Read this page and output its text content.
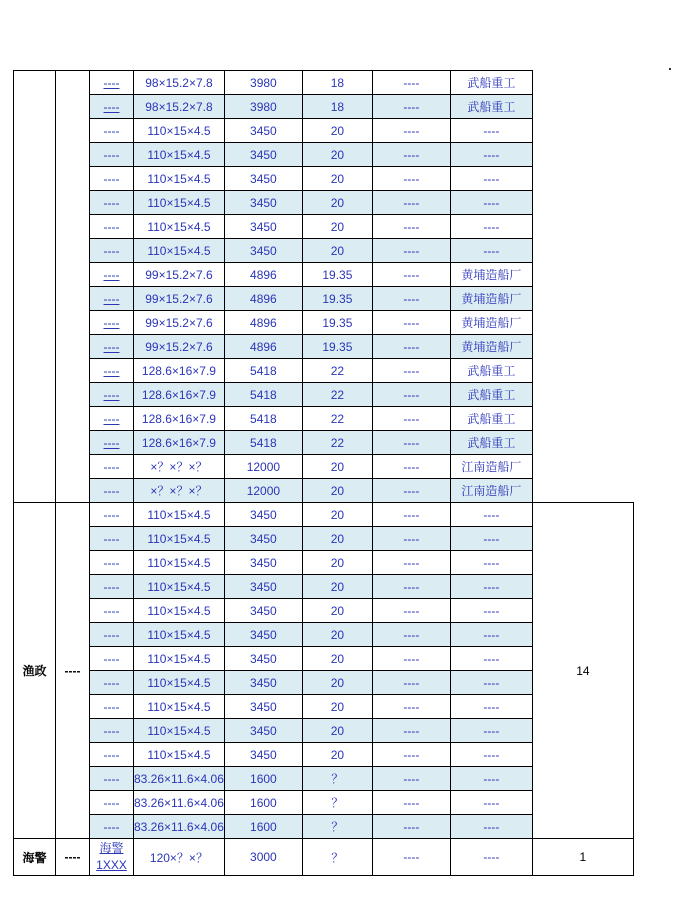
		----	98×15.2×7.8	3980	18	----	武船重工	
		----	98×15.2×7.8	3980	18	----	武船重工	
		----	110×15×4.5	3450	20	----	----	
		----	110×15×4.5	3450	20	----	----	
		----	110×15×4.5	3450	20	----	----	
		----	110×15×4.5	3450	20	----	----	
		----	110×15×4.5	3450	20	----	----	
		----	110×15×4.5	3450	20	----	----	
		----	99×15.2×7.6	4896	19.35	----	黄埔造船厂	
		----	99×15.2×7.6	4896	19.35	----	黄埔造船厂	
		----	99×15.2×7.6	4896	19.35	----	黄埔造船厂	
		----	99×15.2×7.6	4896	19.35	----	黄埔造船厂	
		----	128.6×16×7.9	5418	22	----	武船重工	
		----	128.6×16×7.9	5418	22	----	武船重工	
		----	128.6×16×7.9	5418	22	----	武船重工	
		----	128.6×16×7.9	5418	22	----	武船重工	
		----	×？×？×？	12000	20	----	江南造船厂	
		----	×？×？×？	12000	20	----	江南造船厂	
渔政	----	----	110×15×4.5	3450	20	----	----	14
		----	110×15×4.5	3450	20	----	----	
		----	110×15×4.5	3450	20	----	----	
		----	110×15×4.5	3450	20	----	----	
		----	110×15×4.5	3450	20	----	----	
		----	110×15×4.5	3450	20	----	----	
		----	110×15×4.5	3450	20	----	----	
		----	110×15×4.5	3450	20	----	----	
		----	110×15×4.5	3450	20	----	----	
		----	110×15×4.5	3450	20	----	----	
		----	110×15×4.5	3450	20	----	----	
		----	83.26×11.6×4.06	1600	？	----	----	
		----	83.26×11.6×4.06	1600	？	----	----	
		----	83.26×11.6×4.06	1600	？	----	----	
海警	----	海警1XXX	120×？×？	3000	？	----	----	1
